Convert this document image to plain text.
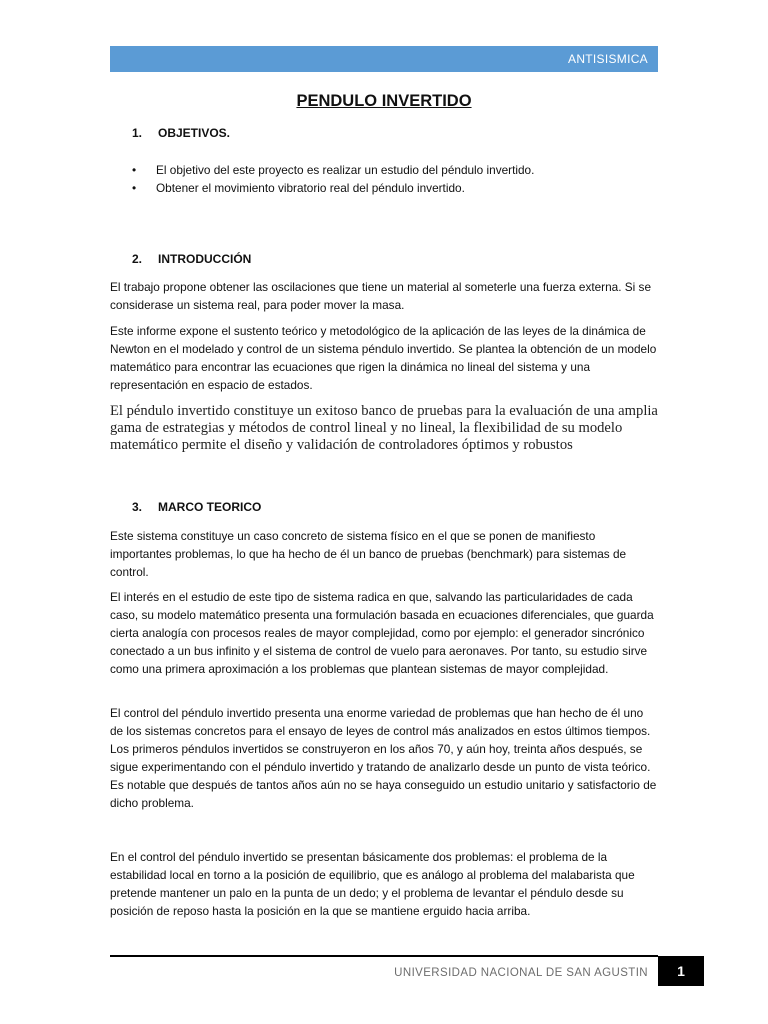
ANTISISMICA
PENDULO INVERTIDO
1. OBJETIVOS.
• El objetivo del este proyecto es realizar un estudio del péndulo invertido.
• Obtener el movimiento vibratorio real del péndulo invertido.
2. INTRODUCCIÓN

El trabajo propone obtener las oscilaciones que tiene un material al someterle una fuerza externa. Si se considerase un sistema real, para poder mover la masa.

Este informe expone el sustento teórico y metodológico de la aplicación de las leyes de la dinámica de Newton en el modelado y control de un sistema péndulo invertido. Se plantea la obtención de un modelo matemático para encontrar las ecuaciones que rigen la dinámica no lineal del sistema y una representación en espacio de estados.

El péndulo invertido constituye un exitoso banco de pruebas para la evaluación de una amplia gama de estrategias y métodos de control lineal y no lineal, la flexibilidad de su modelo matemático permite el diseño y validación de controladores óptimos y robustos

3. MARCO TEORICO

Este sistema constituye un caso concreto de sistema físico en el que se ponen de manifiesto importantes problemas, lo que ha hecho de él un banco de pruebas (benchmark) para sistemas de control.

El interés en el estudio de este tipo de sistema radica en que, salvando las particularidades de cada caso, su modelo matemático presenta una formulación basada en ecuaciones diferenciales, que guarda cierta analogía con procesos reales de mayor complejidad, como por ejemplo: el generador sincrónico conectado a un bus infinito y el sistema de control de vuelo para aeronaves. Por tanto, su estudio sirve como una primera aproximación a los problemas que plantean sistemas de mayor complejidad.

El control del péndulo invertido presenta una enorme variedad de problemas que han hecho de él uno de los sistemas concretos para el ensayo de leyes de control más analizados en estos últimos tiempos. Los primeros péndulos invertidos se construyeron en los años 70, y aún hoy, treinta años después, se sigue experimentando con el péndulo invertido y tratando de analizarlo desde un punto de vista teórico. Es notable que después de tantos años aún no se haya conseguido un estudio unitario y satisfactorio de dicho problema.

En el control del péndulo invertido se presentan básicamente dos problemas: el problema de la estabilidad local en torno a la posición de equilibrio, que es análogo al problema del malabarista que pretende mantener un palo en la punta de un dedo; y el problema de levantar el péndulo desde su posición de reposo hasta la posición en la que se mantiene erguido hacia arriba.

UNIVERSIDAD NACIONAL DE SAN AGUSTIN	1
